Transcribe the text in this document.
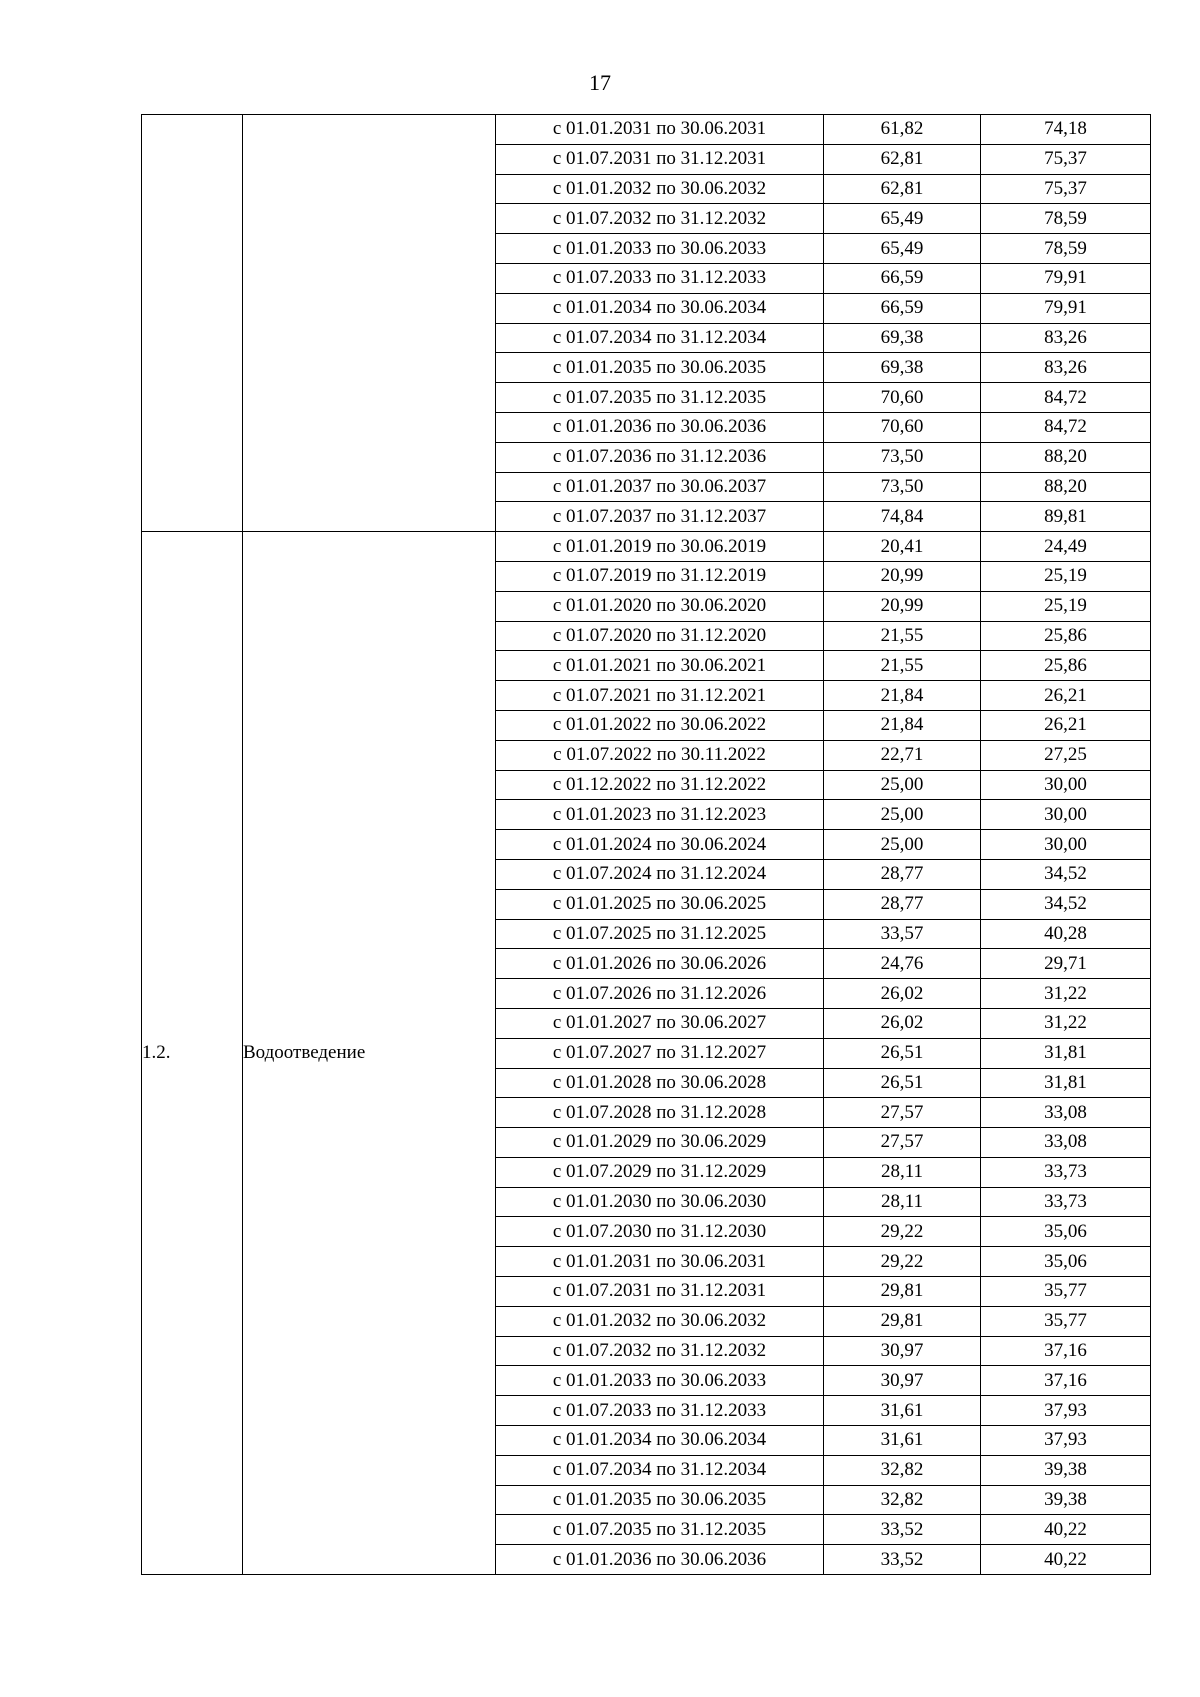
17
		с 01.01.2031 по 30.06.2031	61,82	74,18
		с 01.07.2031 по 31.12.2031	62,81	75,37
		с 01.01.2032 по 30.06.2032	62,81	75,37
		с 01.07.2032 по 31.12.2032	65,49	78,59
		с 01.01.2033 по 30.06.2033	65,49	78,59
		с 01.07.2033 по 31.12.2033	66,59	79,91
		с 01.01.2034 по 30.06.2034	66,59	79,91
		с 01.07.2034 по 31.12.2034	69,38	83,26
		с 01.01.2035 по 30.06.2035	69,38	83,26
		с 01.07.2035 по 31.12.2035	70,60	84,72
		с 01.01.2036 по 30.06.2036	70,60	84,72
		с 01.07.2036 по 31.12.2036	73,50	88,20
		с 01.01.2037 по 30.06.2037	73,50	88,20
		с 01.07.2037 по 31.12.2037	74,84	89,81
1.2.	Водоотведение	с 01.01.2019 по 30.06.2019	20,41	24,49
		с 01.07.2019 по 31.12.2019	20,99	25,19
		с 01.01.2020 по 30.06.2020	20,99	25,19
		с 01.07.2020 по 31.12.2020	21,55	25,86
		с 01.01.2021 по 30.06.2021	21,55	25,86
		с 01.07.2021 по 31.12.2021	21,84	26,21
		с 01.01.2022 по 30.06.2022	21,84	26,21
		с 01.07.2022 по 30.11.2022	22,71	27,25
		с 01.12.2022 по 31.12.2022	25,00	30,00
		с 01.01.2023 по 31.12.2023	25,00	30,00
		с 01.01.2024 по 30.06.2024	25,00	30,00
		с 01.07.2024 по 31.12.2024	28,77	34,52
		с 01.01.2025 по 30.06.2025	28,77	34,52
		с 01.07.2025 по 31.12.2025	33,57	40,28
		с 01.01.2026 по 30.06.2026	24,76	29,71
		с 01.07.2026 по 31.12.2026	26,02	31,22
		с 01.01.2027 по 30.06.2027	26,02	31,22
		с 01.07.2027 по 31.12.2027	26,51	31,81
		с 01.01.2028 по 30.06.2028	26,51	31,81
		с 01.07.2028 по 31.12.2028	27,57	33,08
		с 01.01.2029 по 30.06.2029	27,57	33,08
		с 01.07.2029 по 31.12.2029	28,11	33,73
		с 01.01.2030 по 30.06.2030	28,11	33,73
		с 01.07.2030 по 31.12.2030	29,22	35,06
		с 01.01.2031 по 30.06.2031	29,22	35,06
		с 01.07.2031 по 31.12.2031	29,81	35,77
		с 01.01.2032 по 30.06.2032	29,81	35,77
		с 01.07.2032 по 31.12.2032	30,97	37,16
		с 01.01.2033 по 30.06.2033	30,97	37,16
		с 01.07.2033 по 31.12.2033	31,61	37,93
		с 01.01.2034 по 30.06.2034	31,61	37,93
		с 01.07.2034 по 31.12.2034	32,82	39,38
		с 01.01.2035 по 30.06.2035	32,82	39,38
		с 01.07.2035 по 31.12.2035	33,52	40,22
		с 01.01.2036 по 30.06.2036	33,52	40,22
